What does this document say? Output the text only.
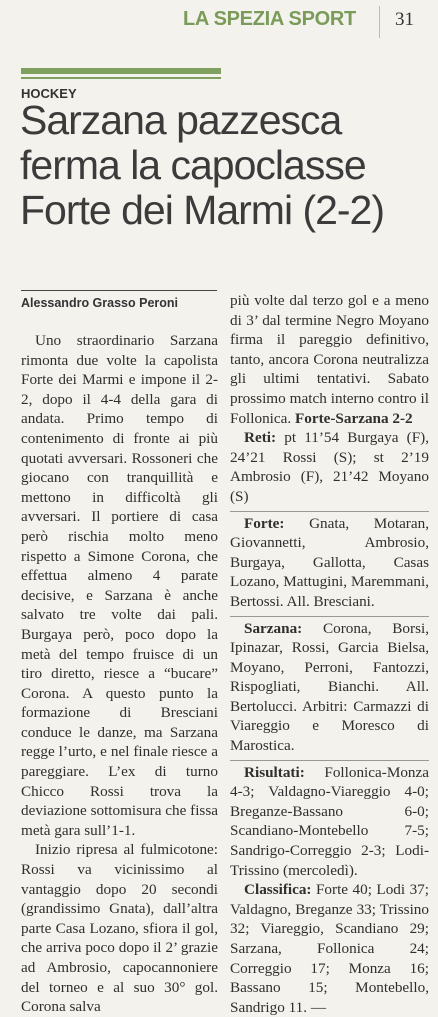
LA SPEZIA SPORT 31
HOCKEY
Sarzana pazzesca
ferma la capoclasse
Forte dei Marmi (2-2)
Alessandro Grasso Peroni

Uno straordinario Sarzana rimonta due volte la capolista Forte dei Marmi e impone il 2-2, dopo il 4-4 della gara di andata. Primo tempo di contenimento di fronte ai più quotati avversari. Rossoneri che giocano con tranquillità e mettono in difficoltà gli avversari. Il portiere di casa però rischia molto meno rispetto a Simone Corona, che effettua almeno 4 parate decisive, e Sarzana è anche salvato tre volte dai pali. Burgaya però, poco dopo la metà del tempo fruisce di un tiro diretto, riesce a “bucare” Corona. A questo punto la formazione di Bresciani conduce le danze, ma Sarzana regge l’urto, e nel finale riesce a pareggiare. L’ex di turno Chicco Rossi trova la deviazione sottomisura che fissa metà gara sull’1-1.

Inizio ripresa al fulmicotone: Rossi va vicinissimo al vantaggio dopo 20 secondi (grandissimo Gnata), dall’altra parte Casa Lozano, sfiora il gol, che arriva poco dopo il 2’ grazie ad Ambrosio, capocannoniere del torneo e al suo 30° gol. Corona salva

più volte dal terzo gol e a meno di 3’ dal termine Negro Moyano firma il pareggio definitivo, tanto, ancora Corona neutralizza gli ultimi tentativi. Sabato prossimo match interno contro il Follonica. Forte-Sarzana 2-2

Reti: pt 11’54 Burgaya (F), 24’21 Rossi (S); st 2’19 Ambrosio (F), 21’42 Moyano (S)

Forte: Gnata, Motaran, Giovannetti, Ambrosio, Burgaya, Gallotta, Casas Lozano, Mattugini, Maremmani, Bertossi. All. Bresciani.

Sarzana: Corona, Borsi, Ipinazar, Rossi, Garcia Bielsa, Moyano, Perroni, Fantozzi, Rispogliati, Bianchi. All. Bertolucci. Arbitri: Carmazzi di Viareggio e Moresco di Marostica.

Risultati: Follonica-Monza 4-3; Valdagno-Viareggio 4-0; Breganze-Bassano 6-0; Scandiano-Montebello 7-5; Sandrigo-Correggio 2-3; Lodi-Trissino (mercoledì).

Classifica: Forte 40; Lodi 37; Valdagno, Breganze 33; Trissino 32; Viareggio, Scandiano 29; Sarzana, Follonica 24; Correggio 17; Monza 16; Bassano 15; Montebello, Sandrigo 11. —
